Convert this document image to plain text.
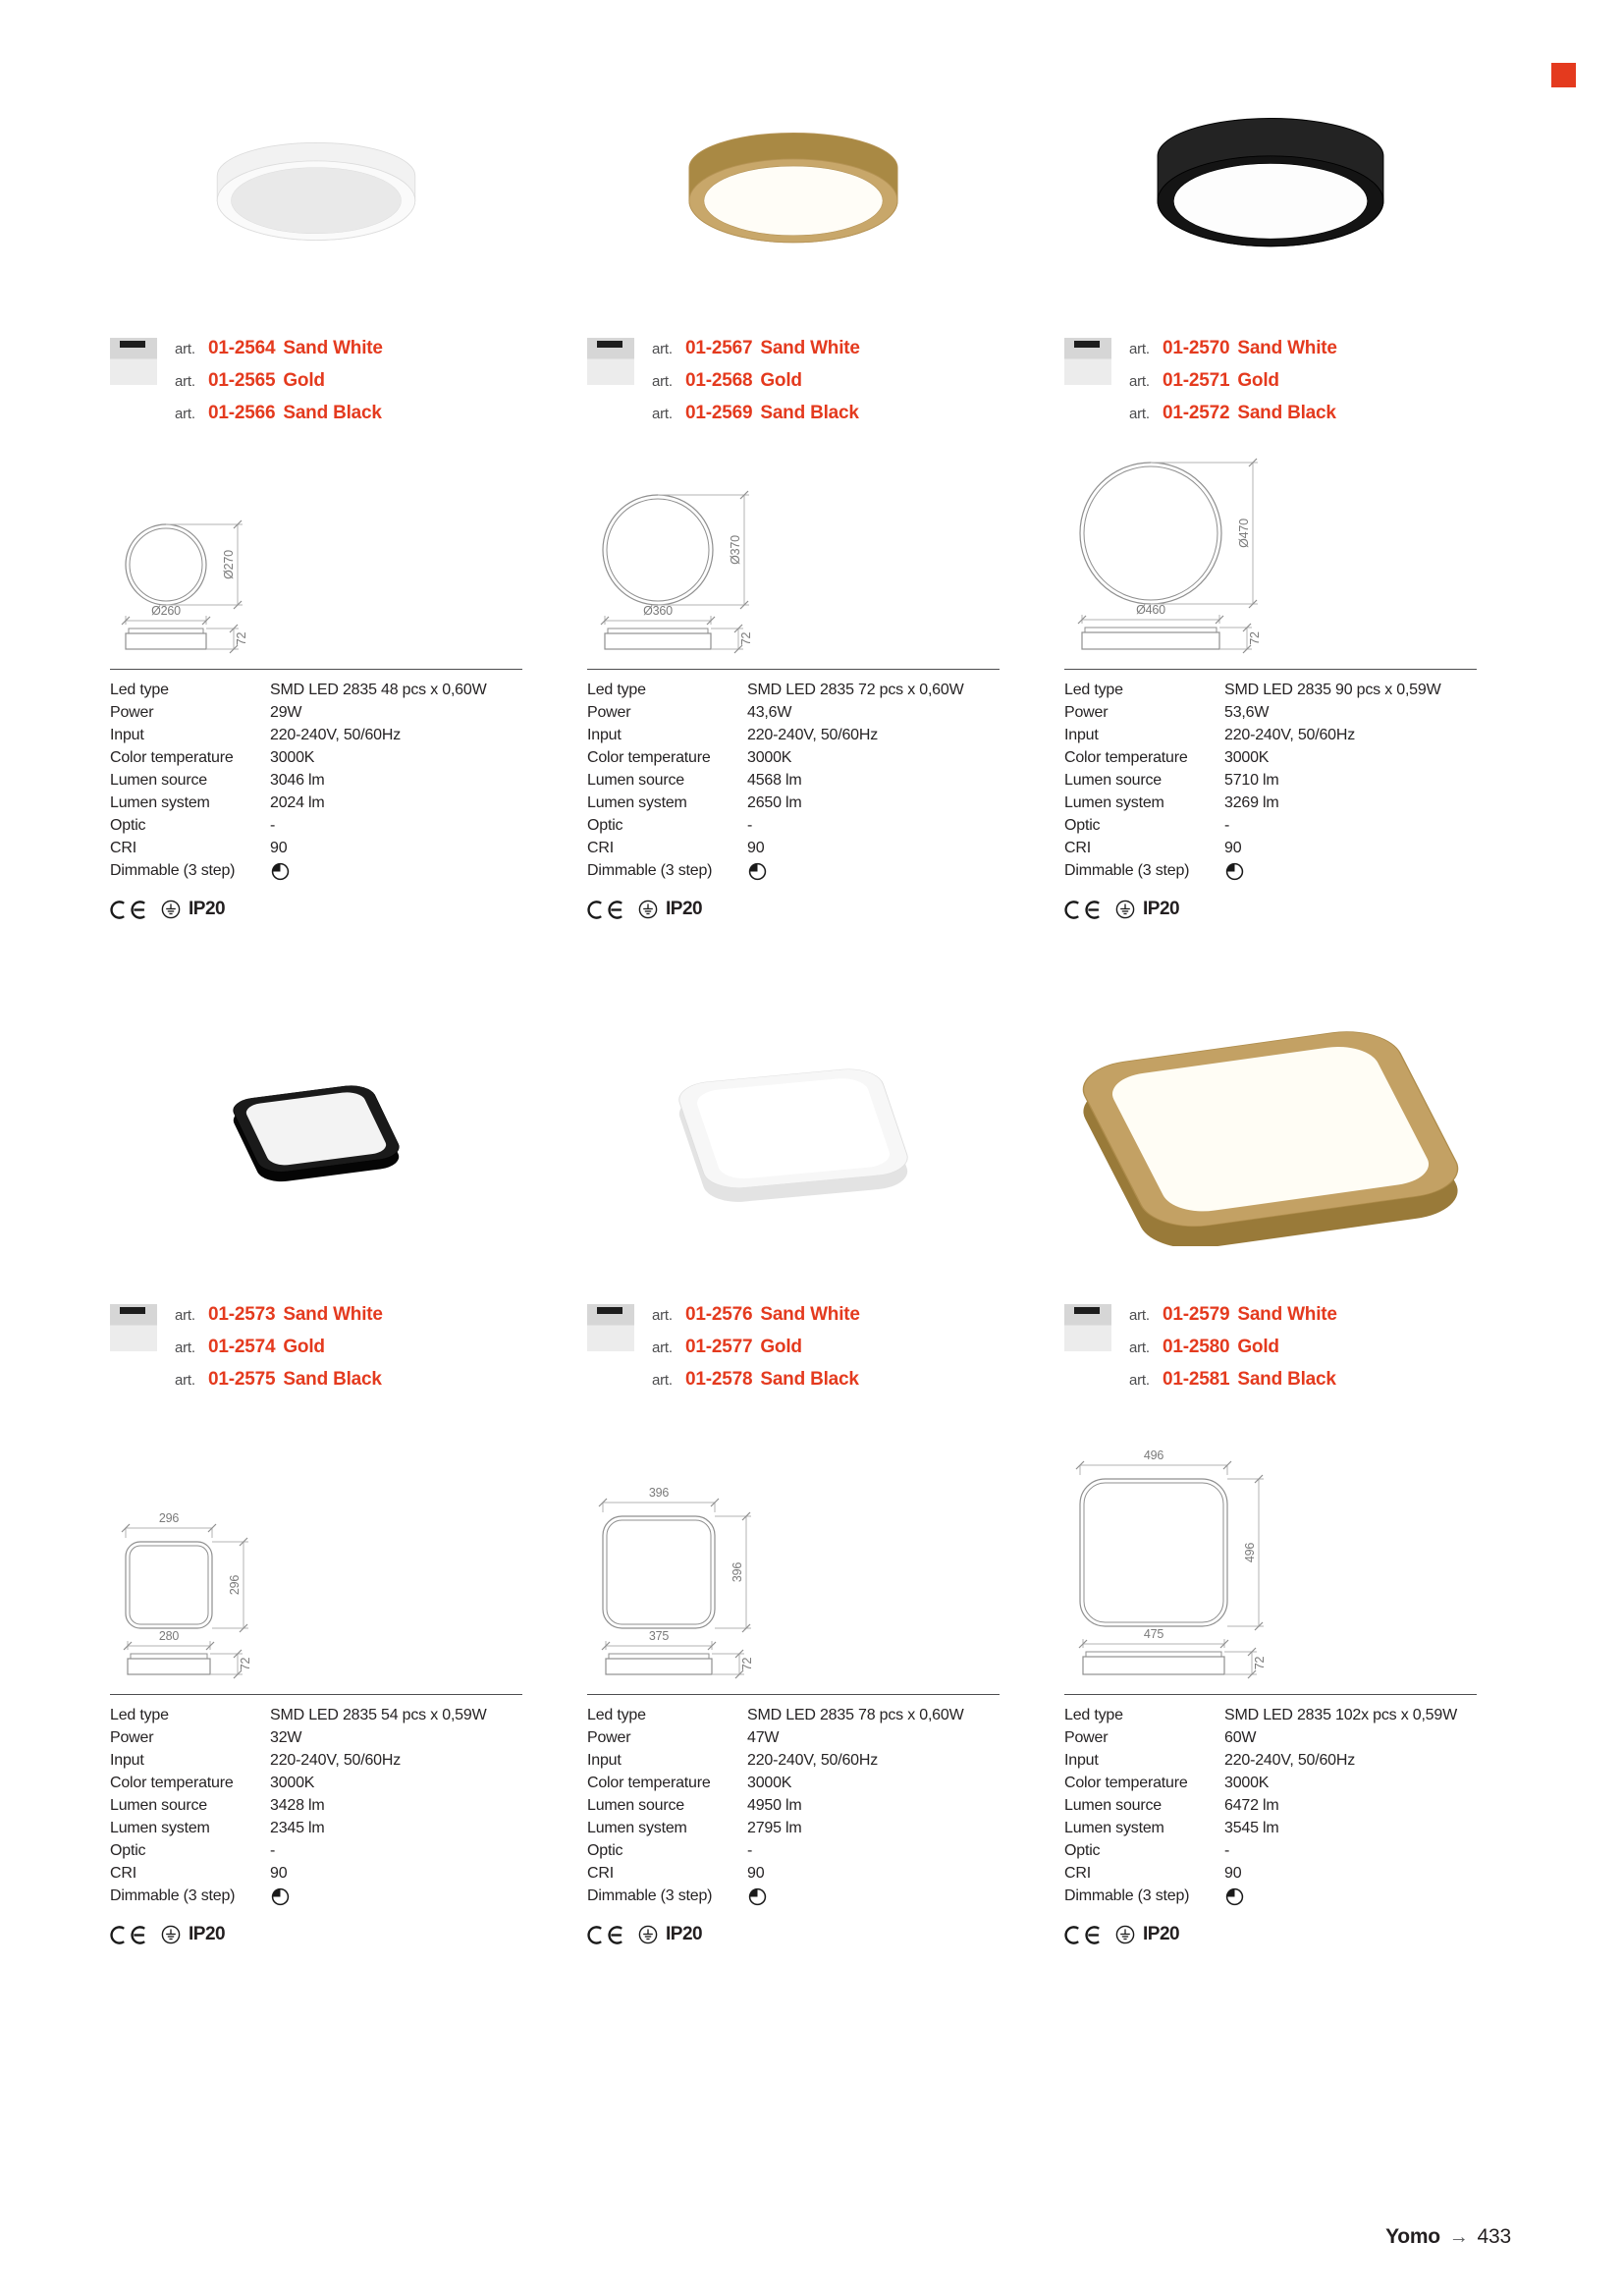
art. 01-2564 Sand White
art. 01-2565 Gold
art. 01-2566 Sand Black
Ø270
Ø260
72
Led type	SMD LED 2835 48 pcs x 0,60W
Power	29W
Input	220-240V, 50/60Hz
Color temperature	3000K
Lumen source	3046 lm
Lumen system	2024 lm
Optic	-
CRI	90
Dimmable (3 step)
IP20
art. 01-2567 Sand White
art. 01-2568 Gold
art. 01-2569 Sand Black
Ø370
Ø360
72
Led type	SMD LED 2835 72 pcs x 0,60W
Power	43,6W
Input	220-240V, 50/60Hz
Color temperature	3000K
Lumen source	4568 lm
Lumen system	2650 lm
Optic	-
CRI	90
Dimmable (3 step)
IP20
art. 01-2570 Sand White
art. 01-2571 Gold
art. 01-2572 Sand Black
Ø470
Ø460
72
Led type	SMD LED 2835 90 pcs x 0,59W
Power	53,6W
Input	220-240V, 50/60Hz
Color temperature	3000K
Lumen source	5710 lm
Lumen system	3269 lm
Optic	-
CRI	90
Dimmable (3 step)
IP20
art. 01-2573 Sand White
art. 01-2574 Gold
art. 01-2575 Sand Black
296
296
280
72
Led type	SMD LED 2835 54 pcs x 0,59W
Power	32W
Input	220-240V, 50/60Hz
Color temperature	3000K
Lumen source	3428 lm
Lumen system	2345 lm
Optic	-
CRI	90
Dimmable (3 step)
IP20
art. 01-2576 Sand White
art. 01-2577 Gold
art. 01-2578 Sand Black
396
396
375
72
Led type	SMD LED 2835 78 pcs x 0,60W
Power	47W
Input	220-240V, 50/60Hz
Color temperature	3000K
Lumen source	4950 lm
Lumen system	2795 lm
Optic	-
CRI	90
Dimmable (3 step)
IP20
art. 01-2579 Sand White
art. 01-2580 Gold
art. 01-2581 Sand Black
496
496
475
72
Led type	SMD LED 2835 102x pcs x 0,59W
Power	60W
Input	220-240V, 50/60Hz
Color temperature	3000K
Lumen source	6472 lm
Lumen system	3545 lm
Optic	-
CRI	90
Dimmable (3 step)
IP20
Yomo → 433
